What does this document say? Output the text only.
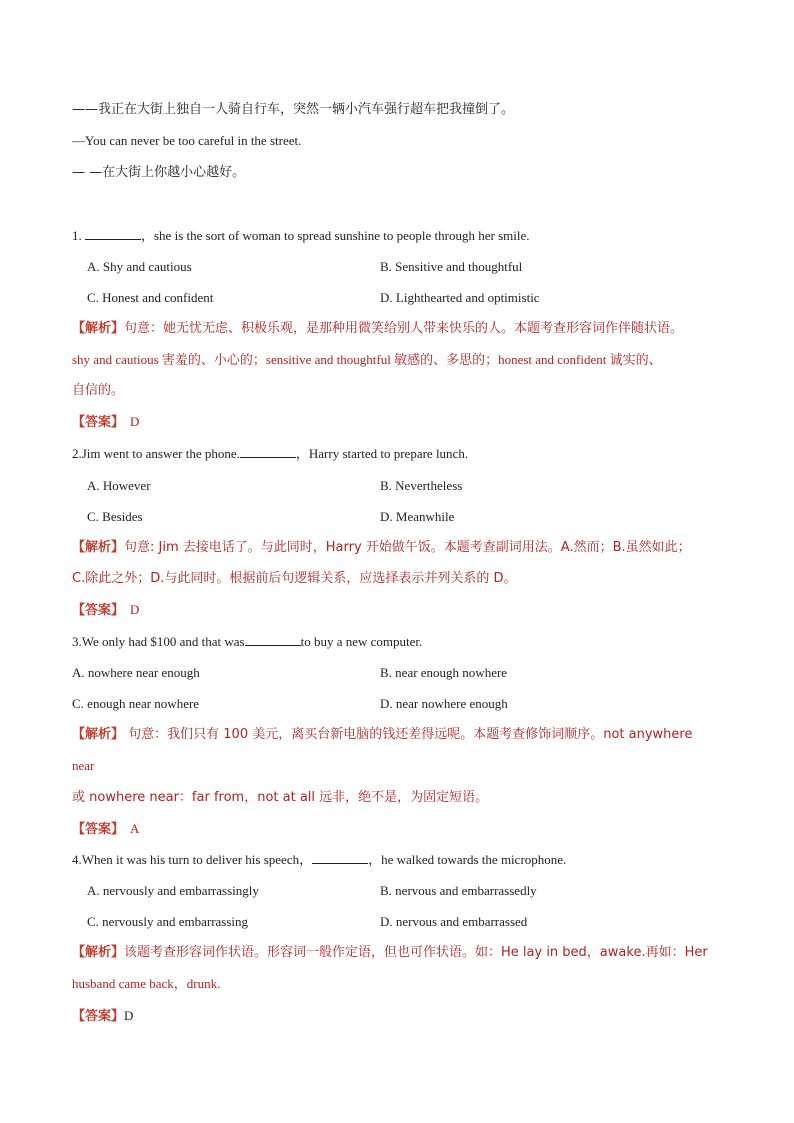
——我正在大街上独自一人骑自行车，突然一辆小汽车强行超车把我撞倒了。
—You can never be too careful in the street.
— —在大街上你越小心越好。
1.	，she is the sort of woman to spread sunshine to people through her smile.
A. Shy and cautious	B. Sensitive and thoughtful
C. Honest and confident	D. Lighthearted and optimistic
【解析】句意：她无忧无虑、积极乐观，是那种用微笑给别人带来快乐的人。本题考查形容词作伴随状语。
shy and cautious 害羞的、小心的；sensitive and thoughtful 敏感的、多思的；honest and confident 诚实的、
自信的。
【答案】 D
2.Jim went to answer the phone.	，Harry started to prepare lunch.
A. However	B. Nevertheless
C. Besides	D. Meanwhile
【解析】句意: Jim 去接电话了。与此同时，Harry 开始做午饭。本题考查副词用法。A.然而；B.虽然如此；
C.除此之外；D.与此同时。根据前后句逻辑关系，应选择表示并列关系的 D。
【答案】 D
3.We only had $100 and that was	to buy a new computer.
A. nowhere near enough	B. near enough nowhere
C. enough near nowhere	D. near nowhere enough
【解析】 句意：我们只有 100 美元，离买台新电脑的钱还差得远呢。本题考查修饰词顺序。not anywhere
near
或 nowhere near：far from，not at all 远非，绝不是，为固定短语。
【答案】 A
4.When it was his turn to deliver his speech，	，he walked towards the microphone.
A. nervously and embarrassingly	B. nervous and embarrassedly
C. nervously and embarrassing	D. nervous and embarrassed
【解析】该题考查形容词作状语。形容词一般作定语，但也可作状语。如：He lay in bed，awake.再如：Her
husband came back，drunk.
【答案】D
